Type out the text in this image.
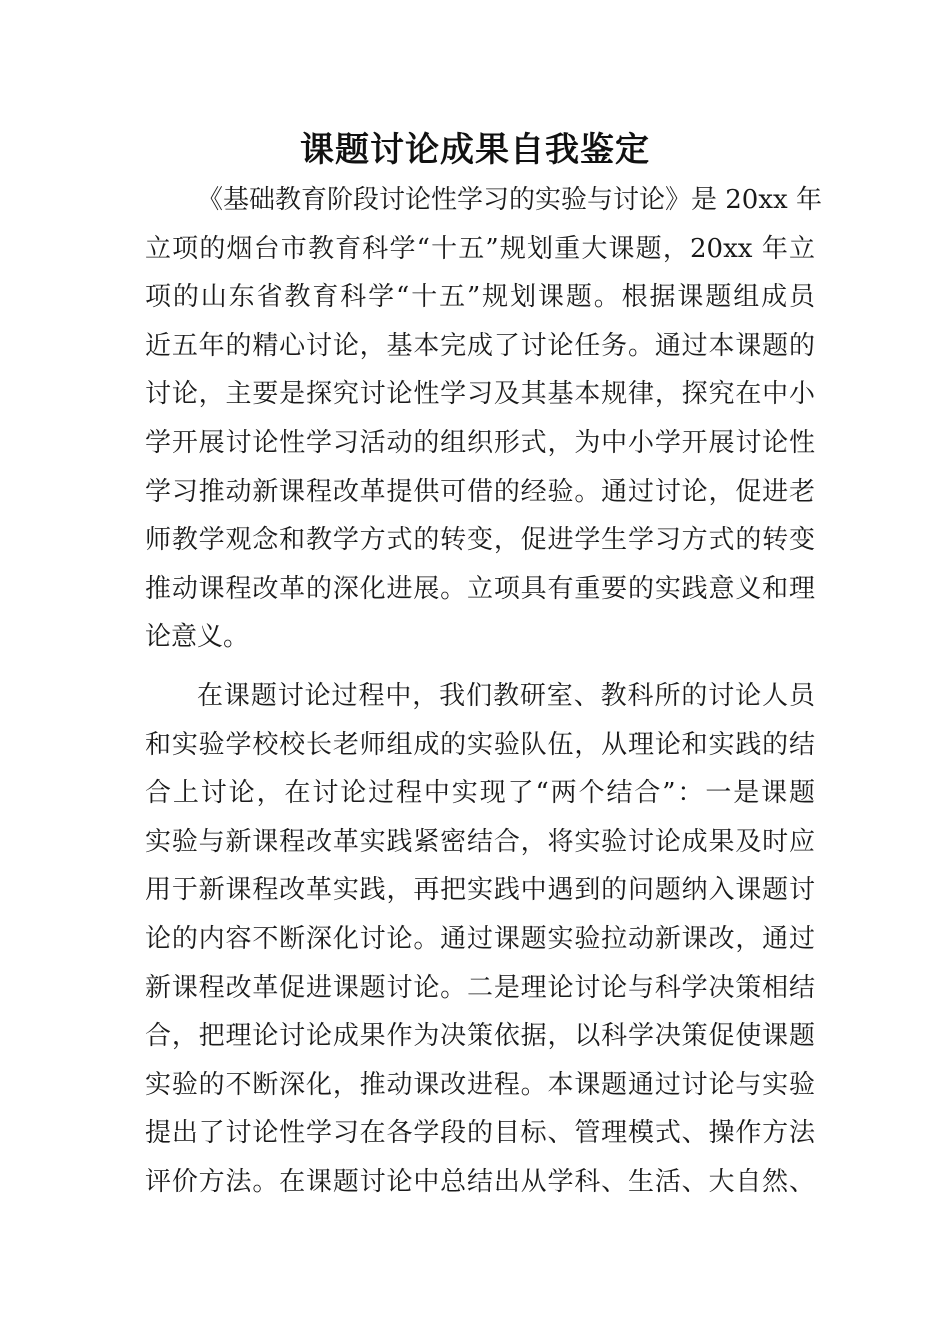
课题讨论成果自我鉴定
《基础教育阶段讨论性学习的实验与讨论》是 20xx 年
立项的烟台市教育科学“十五”规划重大课题，20xx 年立
项的山东省教育科学“十五”规划课题。根据课题组成员
近五年的精心讨论，基本完成了讨论任务。通过本课题的
讨论，主要是探究讨论性学习及其基本规律，探究在中小
学开展讨论性学习活动的组织形式，为中小学开展讨论性
学习推动新课程改革提供可借的经验。通过讨论，促进老
师教学观念和教学方式的转变，促进学生学习方式的转变
推动课程改革的深化进展。立项具有重要的实践意义和理
论意义。
在课题讨论过程中，我们教研室、教科所的讨论人员
和实验学校校长老师组成的实验队伍，从理论和实践的结
合上讨论，在讨论过程中实现了“两个结合”：一是课题
实验与新课程改革实践紧密结合，将实验讨论成果及时应
用于新课程改革实践，再把实践中遇到的问题纳入课题讨
论的内容不断深化讨论。通过课题实验拉动新课改，通过
新课程改革促进课题讨论。二是理论讨论与科学决策相结
合，把理论讨论成果作为决策依据，以科学决策促使课题
实验的不断深化，推动课改进程。本课题通过讨论与实验
提出了讨论性学习在各学段的目标、管理模式、操作方法
评价方法。在课题讨论中总结出从学科、生活、大自然、
